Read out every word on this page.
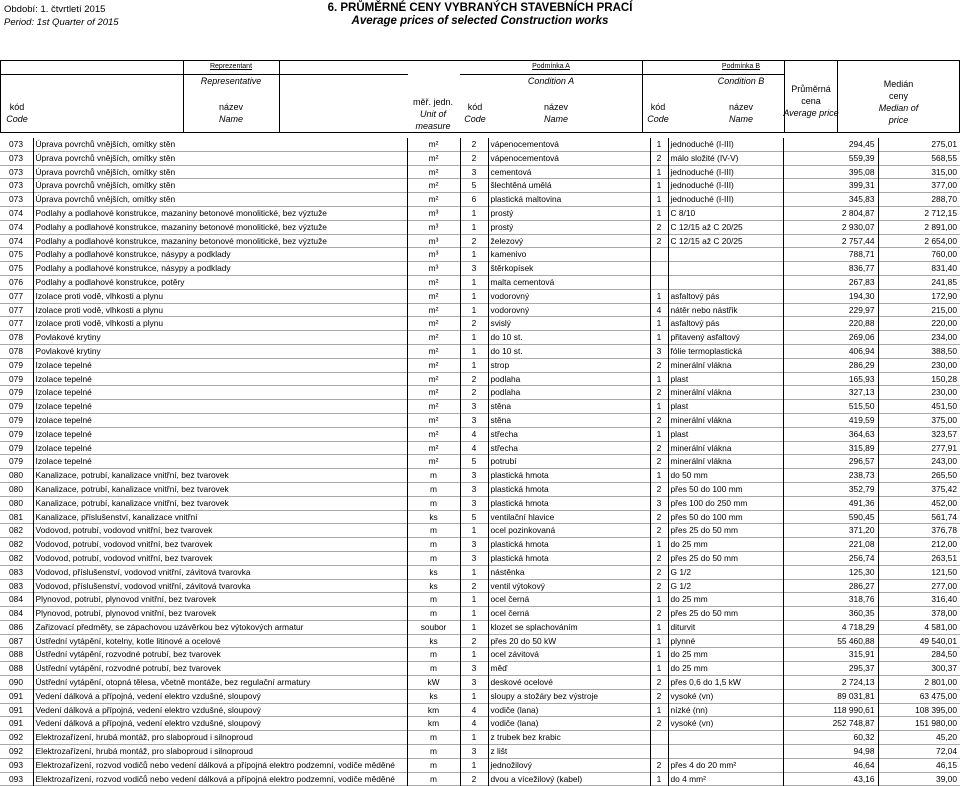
Období: 1. čtvrtletí 2015
Period: 1st Quarter of 2015
6. PRŮMĚRNÉ CENY VYBRANÝCH STAVEBNÍCH PRACÍ
Average prices of selected Construction works
Reprezentant
Representative
Podmínka A
Condition A
Podmínka B
Condition B
kód
Code
název
Name
měř. jedn.
Unit of
measure
kód
Code
název
Name
kód
Code
název
Name
Průměrná
cena
Average price
Medián
ceny
Median of
price
073	Úprava povrchů vnějších, omítky stěn	m²	2	vápenocementová	1	jednoduché (I-III)	294,45	275,01
073	Úprava povrchů vnějších, omítky stěn	m²	2	vápenocementová	2	málo složité (IV-V)	559,39	568,55
073	Úprava povrchů vnějších, omítky stěn	m²	3	cementová	1	jednoduché (I-III)	395,08	315,00
073	Úprava povrchů vnějších, omítky stěn	m²	5	šlechtěná umělá	1	jednoduché (I-III)	399,31	377,00
073	Úprava povrchů vnějších, omítky stěn	m²	6	plastická maltovina	1	jednoduché (I-III)	345,83	288,70
074	Podlahy a podlahové konstrukce, mazaniny betonové monolitické, bez výztuže	m³	1	prostý	1	C 8/10	2 804,87	2 712,15
074	Podlahy a podlahové konstrukce, mazaniny betonové monolitické, bez výztuže	m³	1	prostý	2	C 12/15 až C 20/25	2 930,07	2 891,00
074	Podlahy a podlahové konstrukce, mazaniny betonové monolitické, bez výztuže	m³	2	železový	2	C 12/15 až C 20/25	2 757,44	2 654,00
075	Podlahy a podlahové konstrukce, násypy a podklady	m³	1	kamenivo			788,71	760,00
075	Podlahy a podlahové konstrukce, násypy a podklady	m³	3	štěrkopísek			836,77	831,40
076	Podlahy a podlahové konstrukce, potěry	m²	1	malta cementová			267,83	241,85
077	Izolace proti vodě, vlhkosti a plynu	m²	1	vodorovný	1	asfaltový pás	194,30	172,90
077	Izolace proti vodě, vlhkosti a plynu	m²	1	vodorovný	4	nátěr nebo nástřik	229,97	215,00
077	Izolace proti vodě, vlhkosti a plynu	m²	2	svislý	1	asfaltový pás	220,88	220,00
078	Povlakové krytiny	m²	1	do 10 st.	1	přitavený asfaltový	269,06	234,00
078	Povlakové krytiny	m²	1	do 10 st.	3	fólie termoplastická	406,94	388,50
079	Izolace tepelné	m²	1	strop	2	minerální vlákna	286,29	230,00
079	Izolace tepelné	m²	2	podlaha	1	plast	165,93	150,28
079	Izolace tepelné	m²	2	podlaha	2	minerální vlákna	327,13	230,00
079	Izolace tepelné	m²	3	stěna	1	plast	515,50	451,50
079	Izolace tepelné	m²	3	stěna	2	minerální vlákna	419,59	375,00
079	Izolace tepelné	m²	4	střecha	1	plast	364,63	323,57
079	Izolace tepelné	m²	4	střecha	2	minerální vlákna	315,89	277,91
079	Izolace tepelné	m²	5	potrubí	2	minerální vlákna	296,57	243,00
080	Kanalizace, potrubí, kanalizace vnitřní, bez tvarovek	m	3	plastická hmota	1	do 50 mm	238,73	265,50
080	Kanalizace, potrubí, kanalizace vnitřní, bez tvarovek	m	3	plastická hmota	2	přes 50 do 100 mm	352,79	375,42
080	Kanalizace, potrubí, kanalizace vnitřní, bez tvarovek	m	3	plastická hmota	3	přes 100 do 250 mm	491,36	452,00
081	Kanalizace, příslušenství, kanalizace vnitřní	ks	5	ventilační hlavice	2	přes 50 do 100 mm	590,45	561,74
082	Vodovod, potrubí, vodovod vnitřní, bez tvarovek	m	1	ocel pozinkovaná	2	přes 25 do 50 mm	371,20	376,78
082	Vodovod, potrubí, vodovod vnitřní, bez tvarovek	m	3	plastická hmota	1	do 25 mm	221,08	212,00
082	Vodovod, potrubí, vodovod vnitřní, bez tvarovek	m	3	plastická hmota	2	přes 25 do 50 mm	256,74	263,51
083	Vodovod, příslušenství, vodovod vnitřní, závitová tvarovka	ks	1	nástěnka	2	G 1/2	125,30	121,50
083	Vodovod, příslušenství, vodovod vnitřní, závitová tvarovka	ks	2	ventil výtokový	2	G 1/2	286,27	277,00
084	Plynovod, potrubí, plynovod vnitřní, bez tvarovek	m	1	ocel černá	1	do 25 mm	318,76	316,40
084	Plynovod, potrubí, plynovod vnitřní, bez tvarovek	m	1	ocel černá	2	přes 25 do 50 mm	360,35	378,00
086	Zařizovací předměty, se zápachovou uzávěrkou bez výtokových armatur	soubor	1	klozet se splachováním	1	diturvit	4 718,29	4 581,00
087	Ústřední vytápění, kotelny, kotle litinové a ocelové	ks	2	přes 20 do 50 kW	1	plynné	55 460,88	49 540,01
088	Ústřední vytápění, rozvodné potrubí, bez tvarovek	m	1	ocel závitová	1	do 25 mm	315,91	284,50
088	Ústřední vytápění, rozvodné potrubí, bez tvarovek	m	3	měď	1	do 25 mm	295,37	300,37
090	Ústřední vytápění, otopná tělesa, včetně montáže, bez regulační armatury	kW	3	deskové ocelové	2	přes 0,6 do 1,5 kW	2 724,13	2 801,00
091	Vedení dálková a přípojná, vedení elektro vzdušné, sloupový	ks	1	sloupy a stožáry bez výstroje	2	vysoké (vn)	89 031,81	63 475,00
091	Vedení dálková a přípojná, vedení elektro vzdušné, sloupový	km	4	vodiče (lana)	1	nízké (nn)	118 990,61	108 395,00
091	Vedení dálková a přípojná, vedení elektro vzdušné, sloupový	km	4	vodiče (lana)	2	vysoké (vn)	252 748,87	151 980,00
092	Elektrozařízení, hrubá montáž, pro slaboproud i silnoproud	m	1	z trubek bez krabic			60,32	45,20
092	Elektrozařízení, hrubá montáž, pro slaboproud i silnoproud	m	3	z lišt			94,98	72,04
093	Elektrozařízení, rozvod vodičů nebo vedení dálková a přípojná elektro podzemní, vodiče měděné	m	1	jednožilový	2	přes 4 do 20 mm²	46,64	46,15
093	Elektrozařízení, rozvod vodičů nebo vedení dálková a přípojná elektro podzemní, vodiče měděné	m	2	dvou a vícežilový (kabel)	1	do 4 mm²	43,16	39,00
